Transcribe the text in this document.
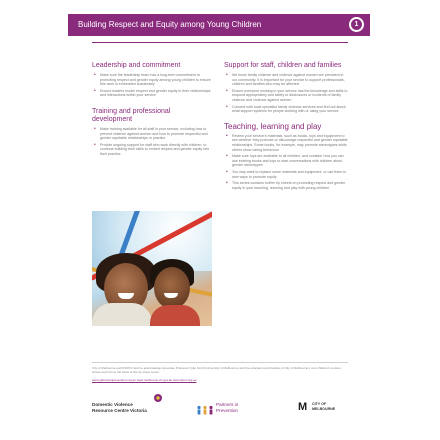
Building Respect and Equity among Young Children	1

Leadership and commitment

• Make sure the leadership team has a long-term commitment to promoting respect and gender equity among young children to ensure this work is embedded sustainably
• Ensure leaders model respect and gender equity in their relationships and interactions within your service

Training and professional development

• Make training available for all staff in your service, including how to prevent violence against women and how to promote respectful and gender equitable relationships in practice
• Provide ongoing support for staff who work directly with children, to continue building their skills to embed respect and gender equity into their practice

Support for staff, children and families

• We know family violence and violence against women are prevalent in our community. It is important for your service to support professionals, children and families who may be affected
• Ensure everyone working in your service has the knowledge and skills to respond appropriately and safely to disclosures or incidents of family violence and violence against women
• Connect with local specialist family violence services and find out about what support systems for people working with or using your service

Teaching, learning and play

• Review your service's materials, such as books, toys and equipment to see whether they promote or discourage respectful and gender equitable relationships. Some books, for example, may promote stereotypes while others show caring behaviour
• Make sure toys are available to all children, and consider how you can use existing books and toys to start conversations with children about gender stereotypes
• You may want to replace some materials and equipment, or use them in new ways to promote equity
• This series contains further tip sheets on promoting respect and gender equity in your teaching, learning and play with young children
City of Melbourne and DVRCV wish to acknowledge Associate Professor Kylie Smith (University of Melbourne) and the educators and families of City of Melbourne's own children's centres, whose work forms the basis of this tip sheet series.
www.partnersinprevention.org.au www.melbourne.vic.gov.au www.dvrcv.org.au
Domestic Violence
Resource Centre Victoria
Partners in
Prevention	M CITY OF
MELBOURNE
